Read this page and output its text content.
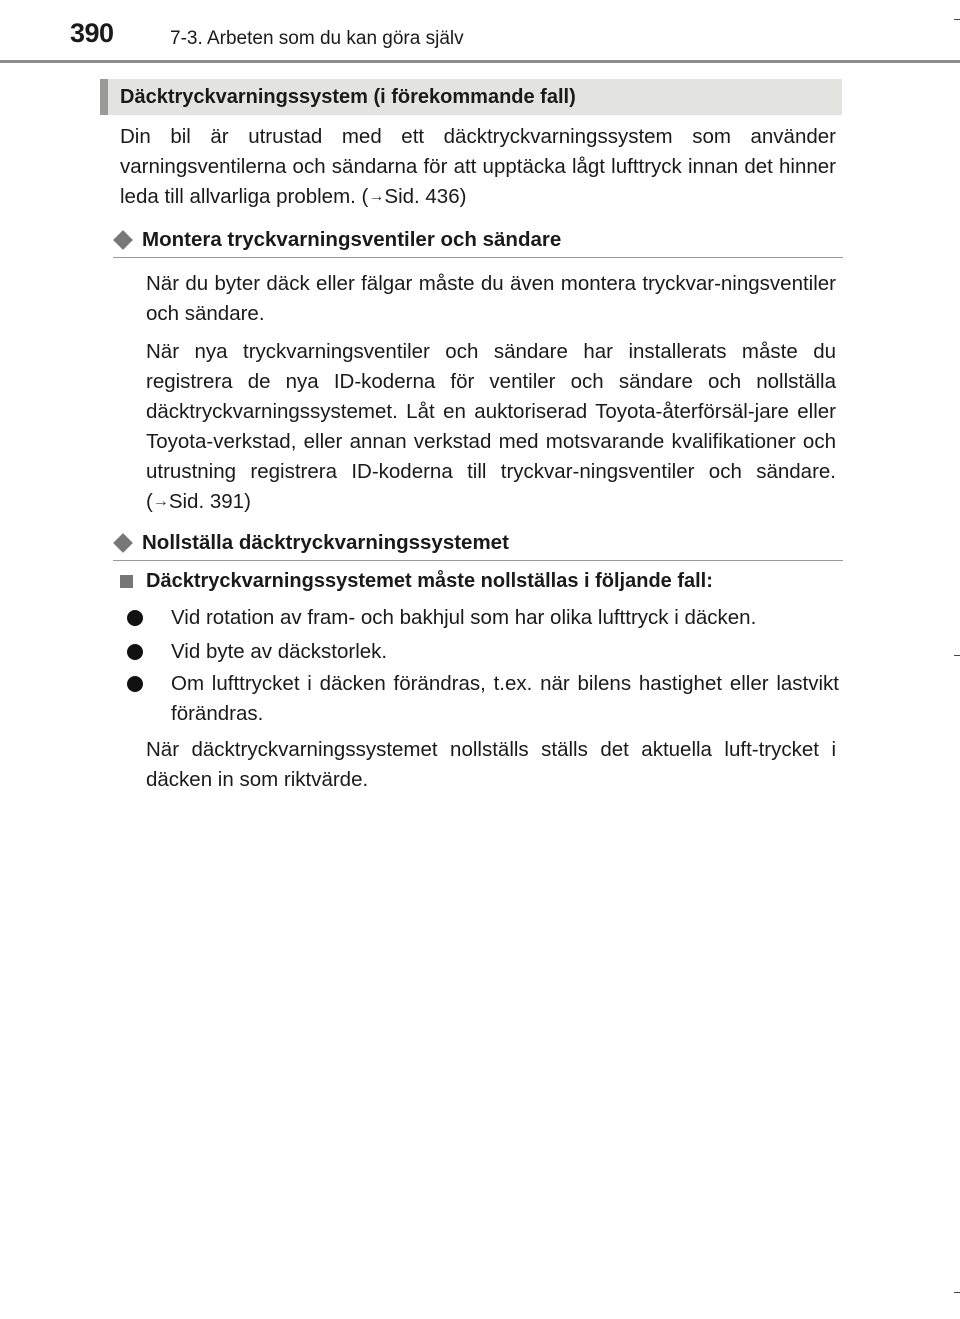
390	7-3. Arbeten som du kan göra själv
Däcktryckvarningssystem (i förekommande fall)

Din bil är utrustad med ett däcktryckvarningssystem som använder varningsventilerna och sändarna för att upptäcka lågt lufttryck innan det hinner leda till allvarliga problem. (→Sid. 436)

Montera tryckvarningsventiler och sändare

När du byter däck eller fälgar måste du även montera tryckvar-ningsventiler och sändare.

När nya tryckvarningsventiler och sändare har installerats måste du registrera de nya ID-koderna för ventiler och sändare och nollställa däcktryckvarningssystemet. Låt en auktoriserad Toyota-återförsäl-jare eller Toyota-verkstad, eller annan verkstad med motsvarande kvalifikationer och utrustning registrera ID-koderna till tryckvar-ningsventiler och sändare. (→Sid. 391)

Nollställa däcktryckvarningssystemet
Däcktryckvarningssystemet måste nollställas i följande fall:
Vid rotation av fram- och bakhjul som har olika lufttryck i däcken.
Vid byte av däckstorlek.
Om lufttrycket i däcken förändras, t.ex. när bilens hastighet eller lastvikt förändras.

När däcktryckvarningssystemet nollställs ställs det aktuella luft-trycket i däcken in som riktvärde.
